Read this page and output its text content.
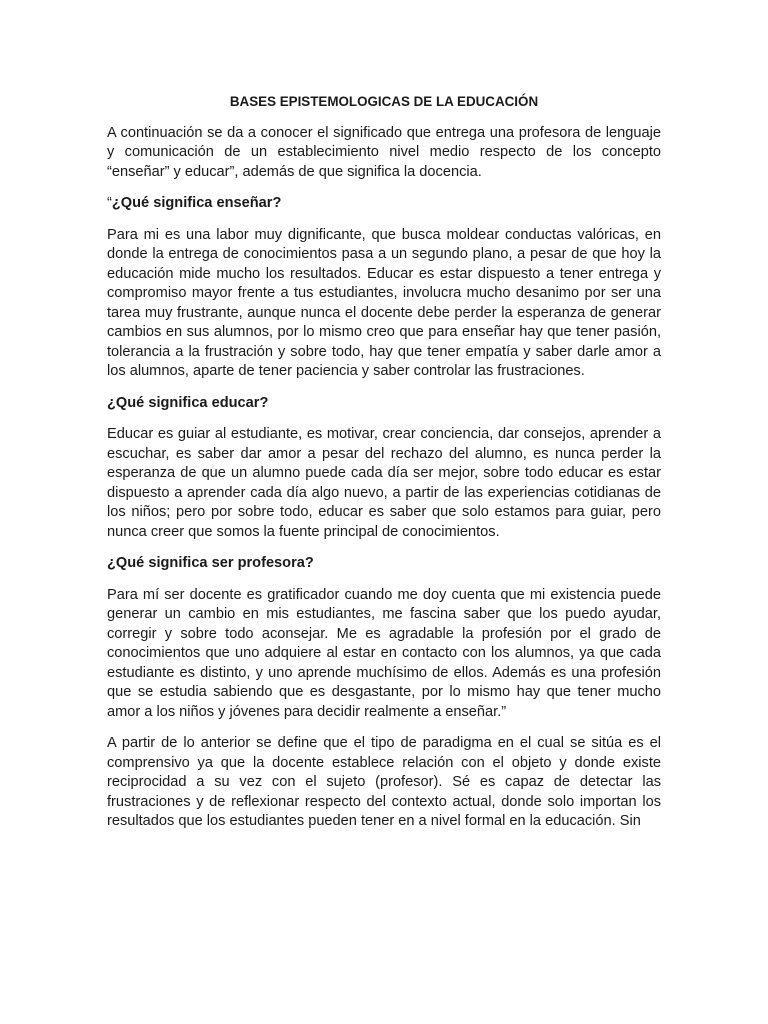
BASES EPISTEMOLOGICAS DE LA EDUCACIÓN

A continuación se da a conocer el significado que entrega una profesora de lenguaje y comunicación de un establecimiento nivel medio respecto de los concepto “enseñar” y educar”, además de que significa la docencia.

“¿Qué significa enseñar?

Para mi es una labor muy dignificante, que busca moldear conductas valóricas, en donde la entrega de conocimientos pasa a un segundo plano, a pesar de que hoy la educación mide mucho los resultados. Educar es estar dispuesto a tener entrega y compromiso mayor frente a tus estudiantes, involucra mucho desanimo por ser una tarea muy frustrante, aunque nunca el docente debe perder la esperanza de generar cambios en sus alumnos, por lo mismo creo que para enseñar hay que tener pasión, tolerancia a la frustración y sobre todo, hay que tener empatía y saber darle amor a los alumnos, aparte de tener paciencia y saber controlar las frustraciones.

¿Qué significa educar?

Educar es guiar al estudiante, es motivar, crear conciencia, dar consejos, aprender a escuchar, es saber dar amor a pesar del rechazo del alumno, es nunca perder la esperanza de que un alumno puede cada día ser mejor, sobre todo educar es estar dispuesto a aprender cada día algo nuevo, a partir de las experiencias cotidianas de los niños; pero por sobre todo, educar es saber que solo estamos para guiar, pero nunca creer que somos la fuente principal de conocimientos.

¿Qué significa ser profesora?

Para mí ser docente es gratificador cuando me doy cuenta que mi existencia puede generar un cambio en mis estudiantes, me fascina saber que los puedo ayudar, corregir y sobre todo aconsejar. Me es agradable la profesión por el grado de conocimientos que uno adquiere al estar en contacto con los alumnos, ya que cada estudiante es distinto, y uno aprende muchísimo de ellos. Además es una profesión que se estudia sabiendo que es desgastante, por lo mismo hay que tener mucho amor a los niños y jóvenes para decidir realmente a enseñar.”

A partir de lo anterior se define que el tipo de paradigma en el cual se sitúa es el comprensivo ya que la docente establece relación con el objeto y donde existe reciprocidad a su vez con el sujeto (profesor). Sé es capaz de detectar las frustraciones y de reflexionar respecto del contexto actual, donde solo importan los resultados que los estudiantes pueden tener en a nivel formal en la educación. Sin
